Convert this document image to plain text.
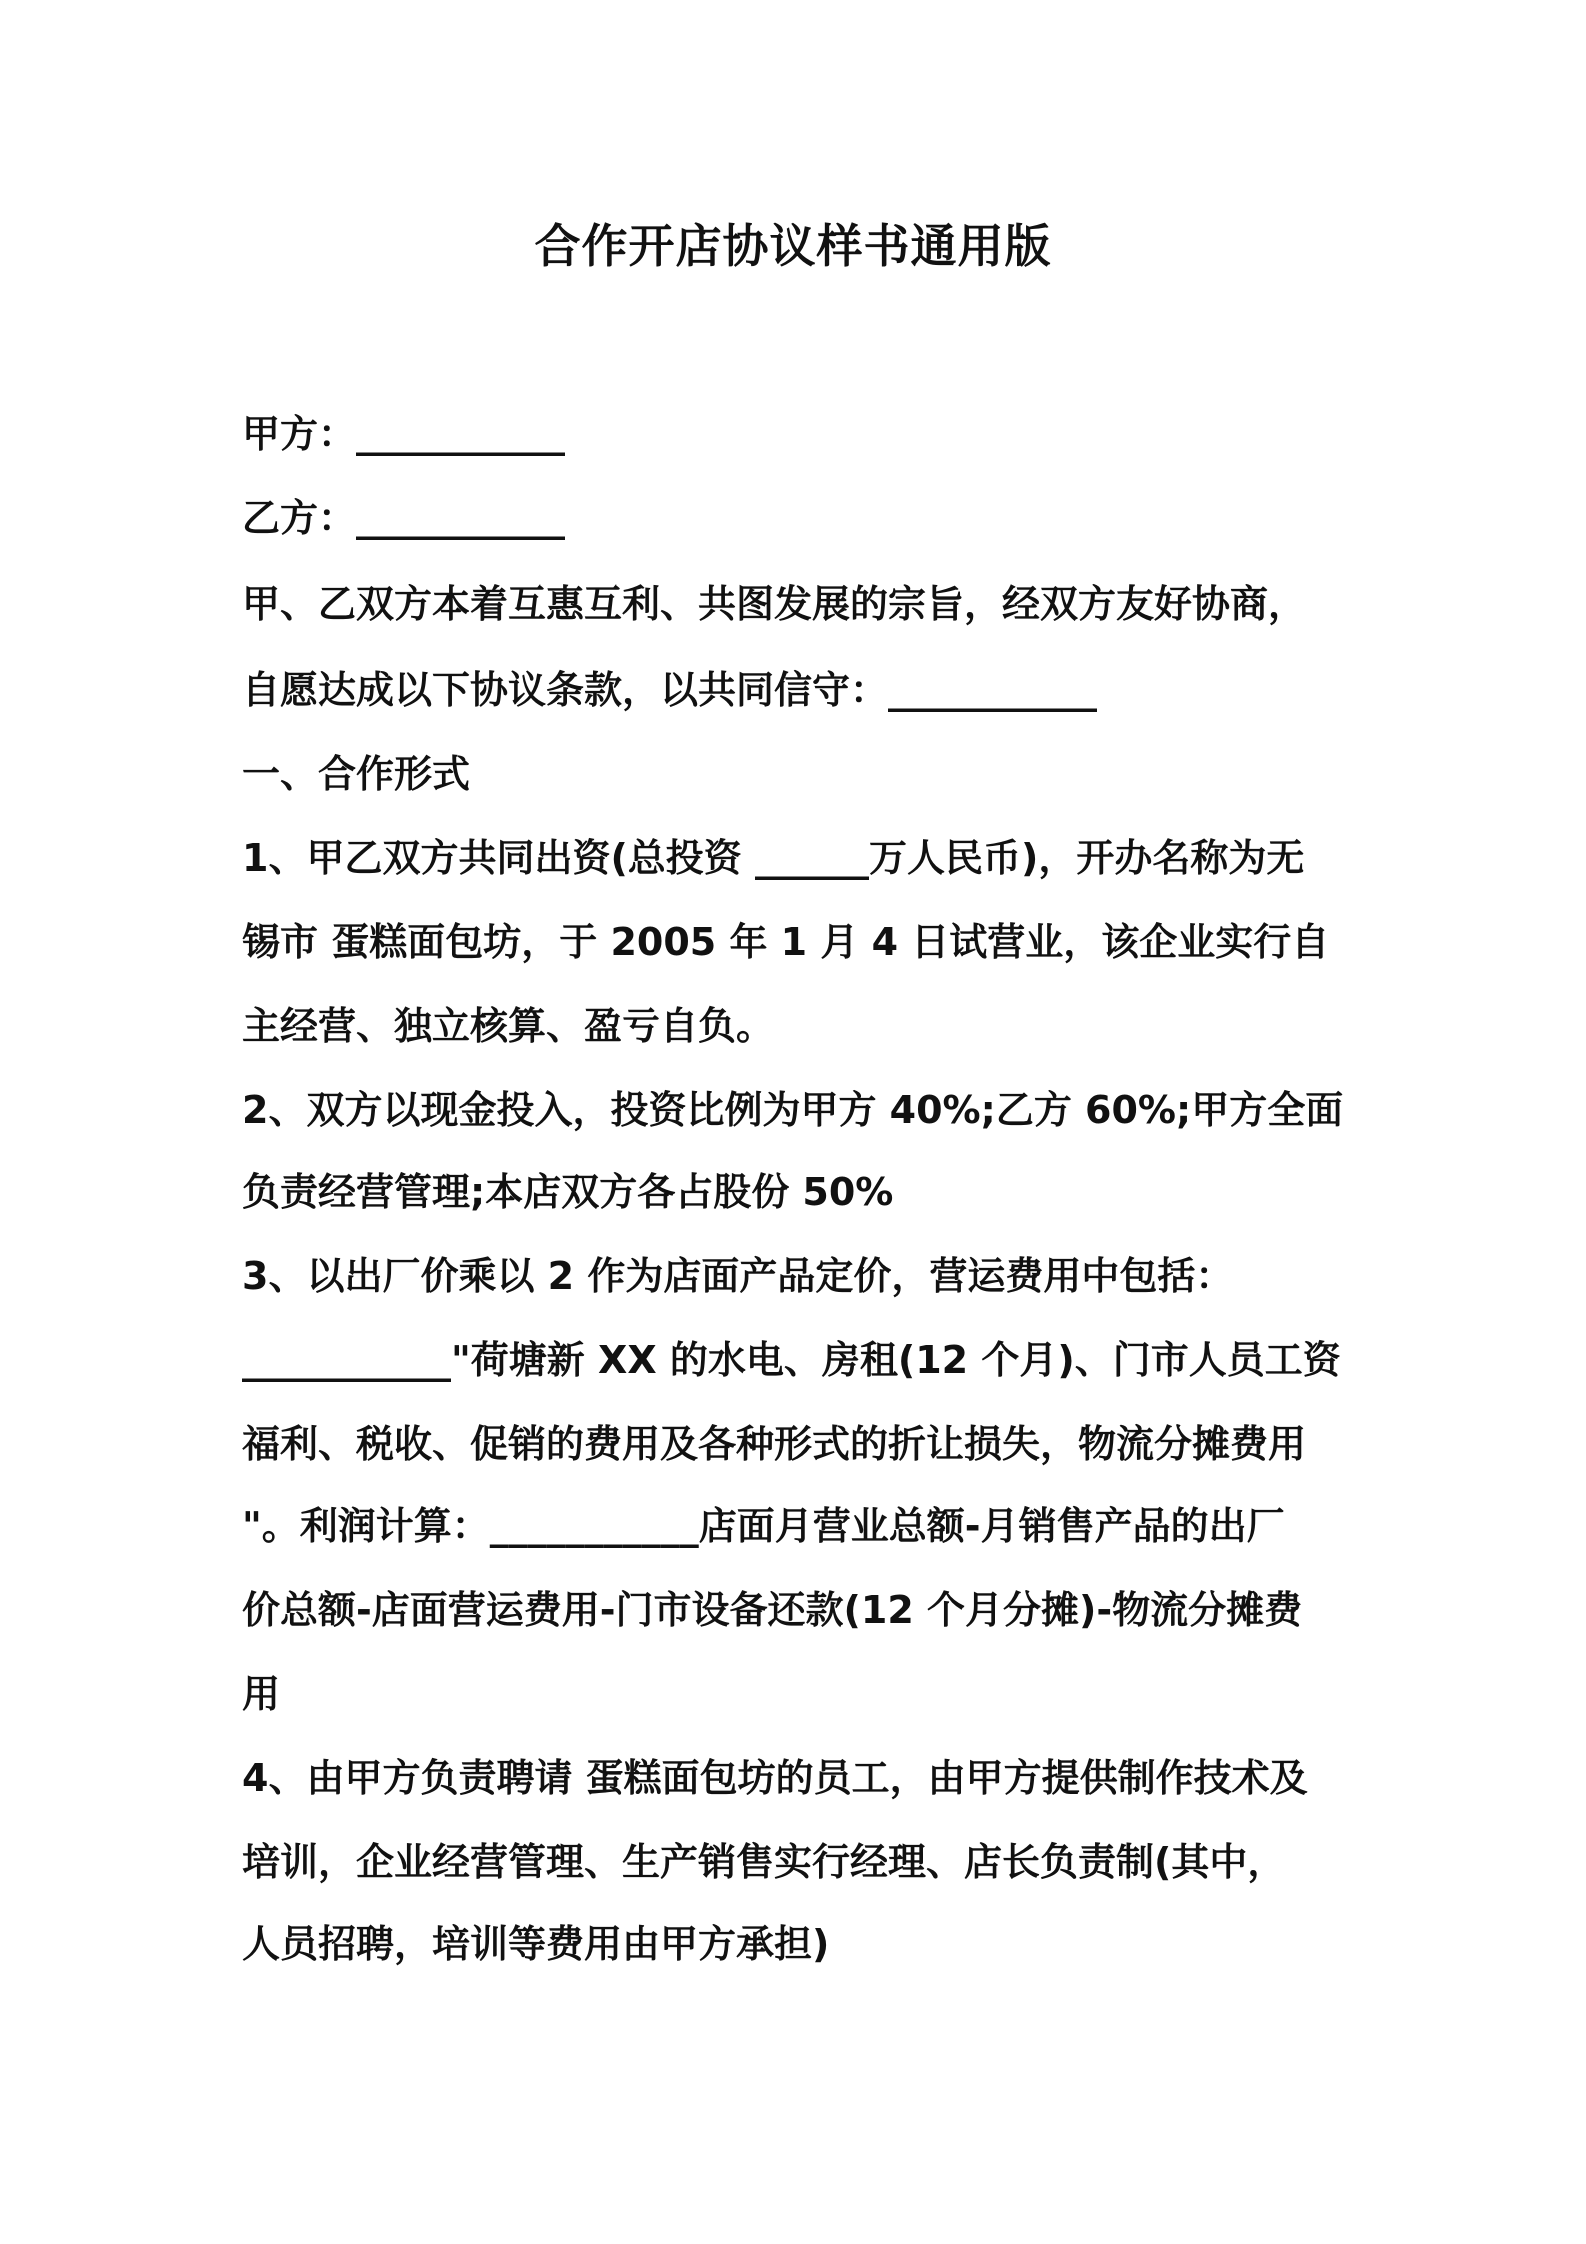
合作开店协议样书通用版
甲方：___________
乙方：___________
甲、乙双方本着互惠互利、共图发展的宗旨，经双方友好协商，
自愿达成以下协议条款，以共同信守：___________
一、合作形式
1、甲乙双方共同出资(总投资 ______万人民币)，开办名称为无
锡市 蛋糕面包坊，于 2005 年 1 月 4 日试营业，该企业实行自
主经营、独立核算、盈亏自负。
2、双方以现金投入，投资比例为甲方 40%;乙方 60%;甲方全面
负责经营管理;本店双方各占股份 50%
3、以出厂价乘以 2 作为店面产品定价，营运费用中包括：
___________"荷塘新 XX 的水电、房租(12 个月)、门市人员工资
福利、税收、促销的费用及各种形式的折让损失，物流分摊费用
"。利润计算：___________店面月营业总额-月销售产品的出厂
价总额-店面营运费用-门市设备还款(12 个月分摊)-物流分摊费
用
4、由甲方负责聘请 蛋糕面包坊的员工，由甲方提供制作技术及
培训，企业经营管理、生产销售实行经理、店长负责制(其中，
人员招聘，培训等费用由甲方承担)
